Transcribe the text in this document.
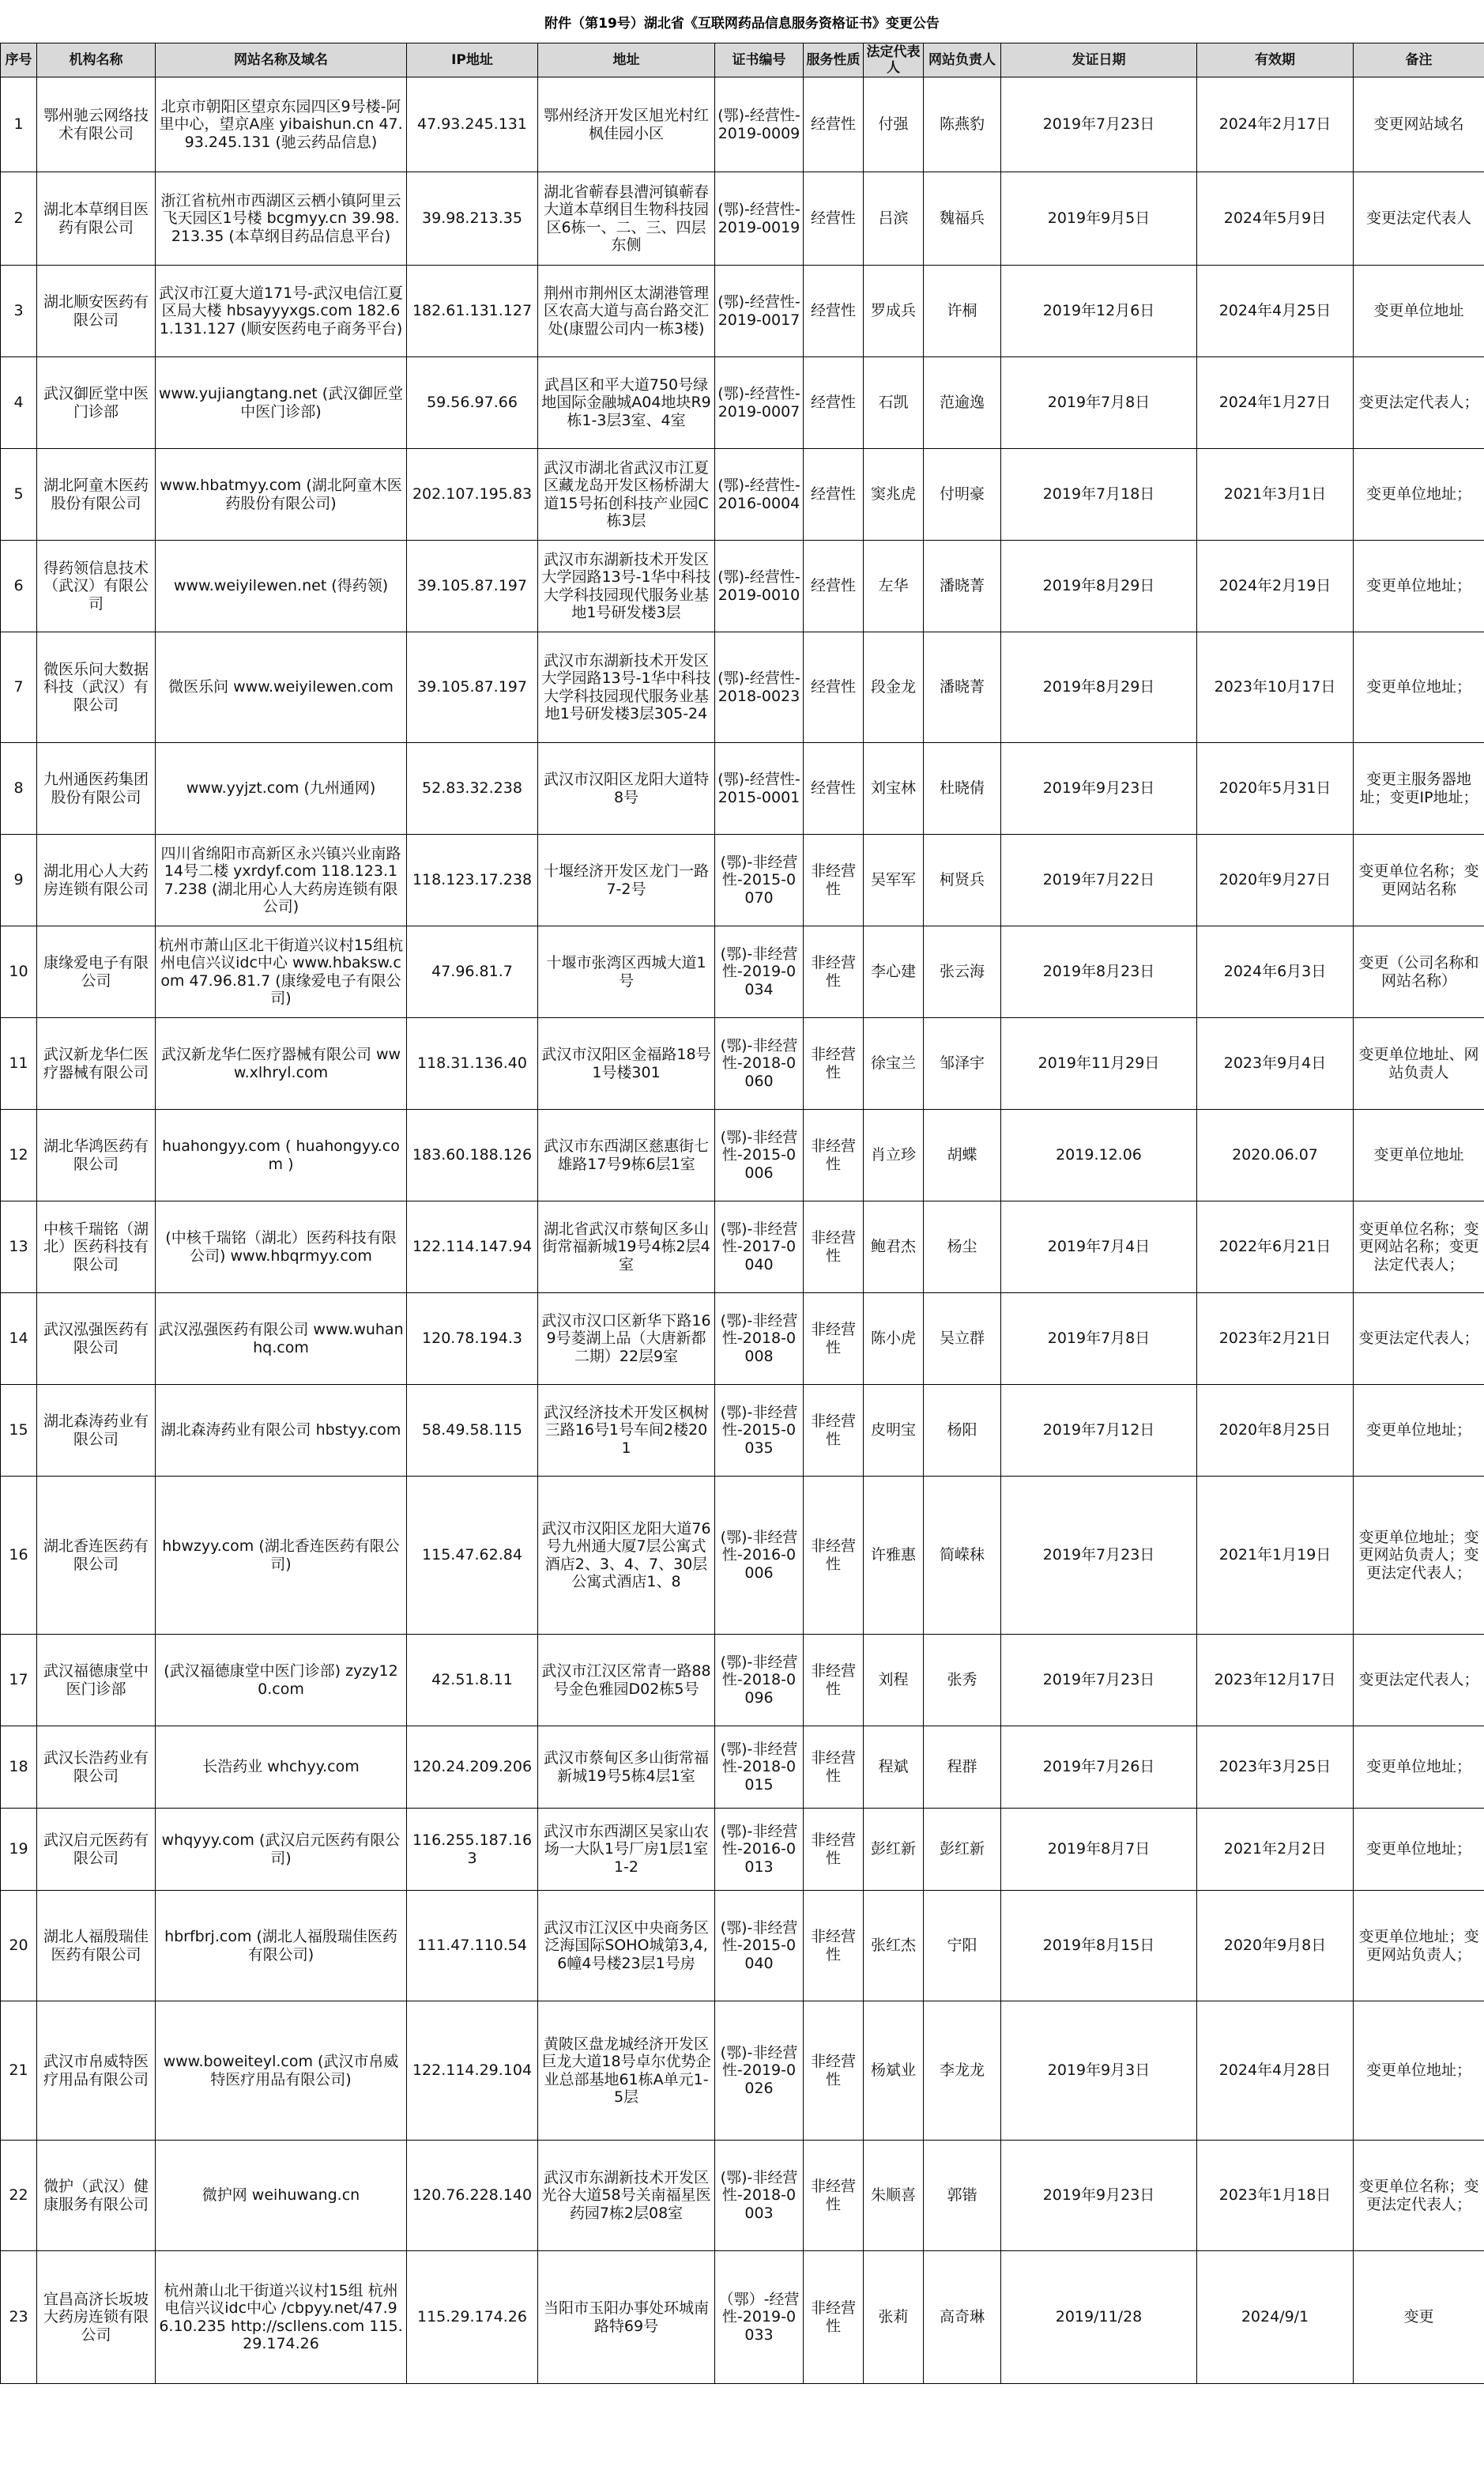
附件（第19号）湖北省《互联网药品信息服务资格证书》变更公告
序号	机构名称	网站名称及域名	IP地址	地址	证书编号	服务性质	法定代表人	网站负责人	发证日期	有效期	备注
1	鄂州驰云网络技术有限公司	北京市朝阳区望京东园四区9号楼-阿里中心，望京A座 yibaishun.cn 47.93.245.131 (驰云药品信息)	47.93.245.131	鄂州经济开发区旭光村红枫佳园小区	(鄂)-经营性-2019-0009	经营性	付强	陈燕豹	2019年7月23日	2024年2月17日	变更网站域名
2	湖北本草纲目医药有限公司	浙江省杭州市西湖区云栖小镇阿里云飞天园区1号楼 bcgmyy.cn 39.98.213.35 (本草纲目药品信息平台)	39.98.213.35	湖北省蕲春县漕河镇蕲春大道本草纲目生物科技园区6栋一、二、三、四层东侧	(鄂)-经营性-2019-0019	经营性	吕滨	魏福兵	2019年9月5日	2024年5月9日	变更法定代表人
3	湖北顺安医药有限公司	武汉市江夏大道171号-武汉电信江夏区局大楼 hbsayyyxgs.com 182.61.131.127 (顺安医药电子商务平台)	182.61.131.127	荆州市荆州区太湖港管理区农高大道与高台路交汇处(康盟公司内一栋3楼)	(鄂)-经营性-2019-0017	经营性	罗成兵	许桐	2019年12月6日	2024年4月25日	变更单位地址
4	武汉御匠堂中医门诊部	www.yujiangtang.net (武汉御匠堂中医门诊部)	59.56.97.66	武昌区和平大道750号绿地国际金融城A04地块R9栋1-3层3室、4室	(鄂)-经营性-2019-0007	经营性	石凯	范逾逸	2019年7月8日	2024年1月27日	变更法定代表人；
5	湖北阿童木医药股份有限公司	www.hbatmyy.com (湖北阿童木医药股份有限公司)	202.107.195.83	武汉市湖北省武汉市江夏区藏龙岛开发区杨桥湖大道15号拓创科技产业园C栋3层	(鄂)-经营性-2016-0004	经营性	窦兆虎	付明豪	2019年7月18日	2021年3月1日	变更单位地址；
6	得药领信息技术（武汉）有限公司	www.weiyilewen.net (得药领)	39.105.87.197	武汉市东湖新技术开发区大学园路13号-1华中科技大学科技园现代服务业基地1号研发楼3层	(鄂)-经营性-2019-0010	经营性	左华	潘晓菁	2019年8月29日	2024年2月19日	变更单位地址；
7	微医乐问大数据科技（武汉）有限公司	微医乐问 www.weiyilewen.com	39.105.87.197	武汉市东湖新技术开发区大学园路13号-1华中科技大学科技园现代服务业基地1号研发楼3层305-24	(鄂)-经营性-2018-0023	经营性	段金龙	潘晓菁	2019年8月29日	2023年10月17日	变更单位地址；
8	九州通医药集团股份有限公司	www.yyjzt.com (九州通网)	52.83.32.238	武汉市汉阳区龙阳大道特8号	(鄂)-经营性-2015-0001	经营性	刘宝林	杜晓倩	2019年9月23日	2020年5月31日	变更主服务器地址；变更IP地址；
9	湖北用心人大药房连锁有限公司	四川省绵阳市高新区永兴镇兴业南路14号二楼 yxrdyf.com 118.123.17.238 (湖北用心人大药房连锁有限公司)	118.123.17.238	十堰经济开发区龙门一路7-2号	(鄂)-非经营性-2015-0070	非经营性	吴军军	柯贤兵	2019年7月22日	2020年9月27日	变更单位名称；变更网站名称
10	康缘爱电子有限公司	杭州市萧山区北干街道兴议村15组杭州电信兴议idc中心 www.hbaksw.com 47.96.81.7 (康缘爱电子有限公司)	47.96.81.7	十堰市张湾区西城大道1号	(鄂)-非经营性-2019-0034	非经营性	李心建	张云海	2019年8月23日	2024年6月3日	变更（公司名称和网站名称）
11	武汉新龙华仁医疗器械有限公司	武汉新龙华仁医疗器械有限公司 www.xlhryl.com	118.31.136.40	武汉市汉阳区金福路18号1号楼301	(鄂)-非经营性-2018-0060	非经营性	徐宝兰	邹泽宇	2019年11月29日	2023年9月4日	变更单位地址、网站负责人
12	湖北华鸿医药有限公司	huahongyy.com ( huahongyy.com )	183.60.188.126	武汉市东西湖区慈惠街七雄路17号9栋6层1室	(鄂)-非经营性-2015-0006	非经营性	肖立珍	胡蝶	2019.12.06	2020.06.07	变更单位地址
13	中核千瑞铭（湖北）医药科技有限公司	(中核千瑞铭（湖北）医药科技有限公司) www.hbqrmyy.com	122.114.147.94	湖北省武汉市蔡甸区多山街常福新城19号4栋2层4室	(鄂)-非经营性-2017-0040	非经营性	鲍君杰	杨尘	2019年7月4日	2022年6月21日	变更单位名称；变更网站名称；变更法定代表人；
14	武汉泓强医药有限公司	武汉泓强医药有限公司 www.wuhanhq.com	120.78.194.3	武汉市汉口区新华下路169号菱湖上品（大唐新都二期）22层9室	(鄂)-非经营性-2018-0008	非经营性	陈小虎	吴立群	2019年7月8日	2023年2月21日	变更法定代表人；
15	湖北森涛药业有限公司	湖北森涛药业有限公司 hbstyy.com	58.49.58.115	武汉经济技术开发区枫树三路16号1号车间2楼201	(鄂)-非经营性-2015-0035	非经营性	皮明宝	杨阳	2019年7月12日	2020年8月25日	变更单位地址；
16	湖北香连医药有限公司	hbwzyy.com (湖北香连医药有限公司)	115.47.62.84	武汉市汉阳区龙阳大道76号九州通大厦7层公寓式酒店2、3、4、7、30层公寓式酒店1、8	(鄂)-非经营性-2016-0006	非经营性	许雅惠	简嵘秣	2019年7月23日	2021年1月19日	变更单位地址；变更网站负责人；变更法定代表人；
17	武汉福德康堂中医门诊部	(武汉福德康堂中医门诊部) zyzy120.com	42.51.8.11	武汉市江汉区常青一路88号金色雅园D02栋5号	(鄂)-非经营性-2018-0096	非经营性	刘程	张秀	2019年7月23日	2023年12月17日	变更法定代表人；
18	武汉长浩药业有限公司	长浩药业 whchyy.com	120.24.209.206	武汉市蔡甸区多山街常福新城19号5栋4层1室	(鄂)-非经营性-2018-0015	非经营性	程斌	程群	2019年7月26日	2023年3月25日	变更单位地址；
19	武汉启元医药有限公司	whqyyy.com (武汉启元医药有限公司)	116.255.187.163	武汉市东西湖区吴家山农场一大队1号厂房1层1室1-2	(鄂)-非经营性-2016-0013	非经营性	彭红新	彭红新	2019年8月7日	2021年2月2日	变更单位地址；
20	湖北人福殷瑞佳医药有限公司	hbrfbrj.com (湖北人福殷瑞佳医药有限公司)	111.47.110.54	武汉市江汉区中央商务区泛海国际SOHO城第3,4,6幢4号楼23层1号房	(鄂)-非经营性-2015-0040	非经营性	张红杰	宁阳	2019年8月15日	2020年9月8日	变更单位地址；变更网站负责人；
21	武汉市帛威特医疗用品有限公司	www.boweiteyl.com (武汉市帛威特医疗用品有限公司)	122.114.29.104	黄陂区盘龙城经济开发区巨龙大道18号卓尔优势企业总部基地61栋A单元1-5层	(鄂)-非经营性-2019-0026	非经营性	杨斌业	李龙龙	2019年9月3日	2024年4月28日	变更单位地址；
22	微护（武汉）健康服务有限公司	微护网 weihuwang.cn	120.76.228.140	武汉市东湖新技术开发区光谷大道58号关南福星医药园7栋2层08室	(鄂)-非经营性-2018-0003	非经营性	朱顺喜	郭锴	2019年9月23日	2023年1月18日	变更单位名称；变更法定代表人；
23	宜昌高济长坂坡大药房连锁有限公司	杭州萧山北干街道兴议村15组 杭州电信兴议idc中心 /cbpyy.net/47.96.10.235 http://scllens.com 115.29.174.26	115.29.174.26	当阳市玉阳办事处环城南路特69号	（鄂）-经营性-2019-0033	非经营性	张莉	高奇琳	2019/11/28	2024/9/1	变更
